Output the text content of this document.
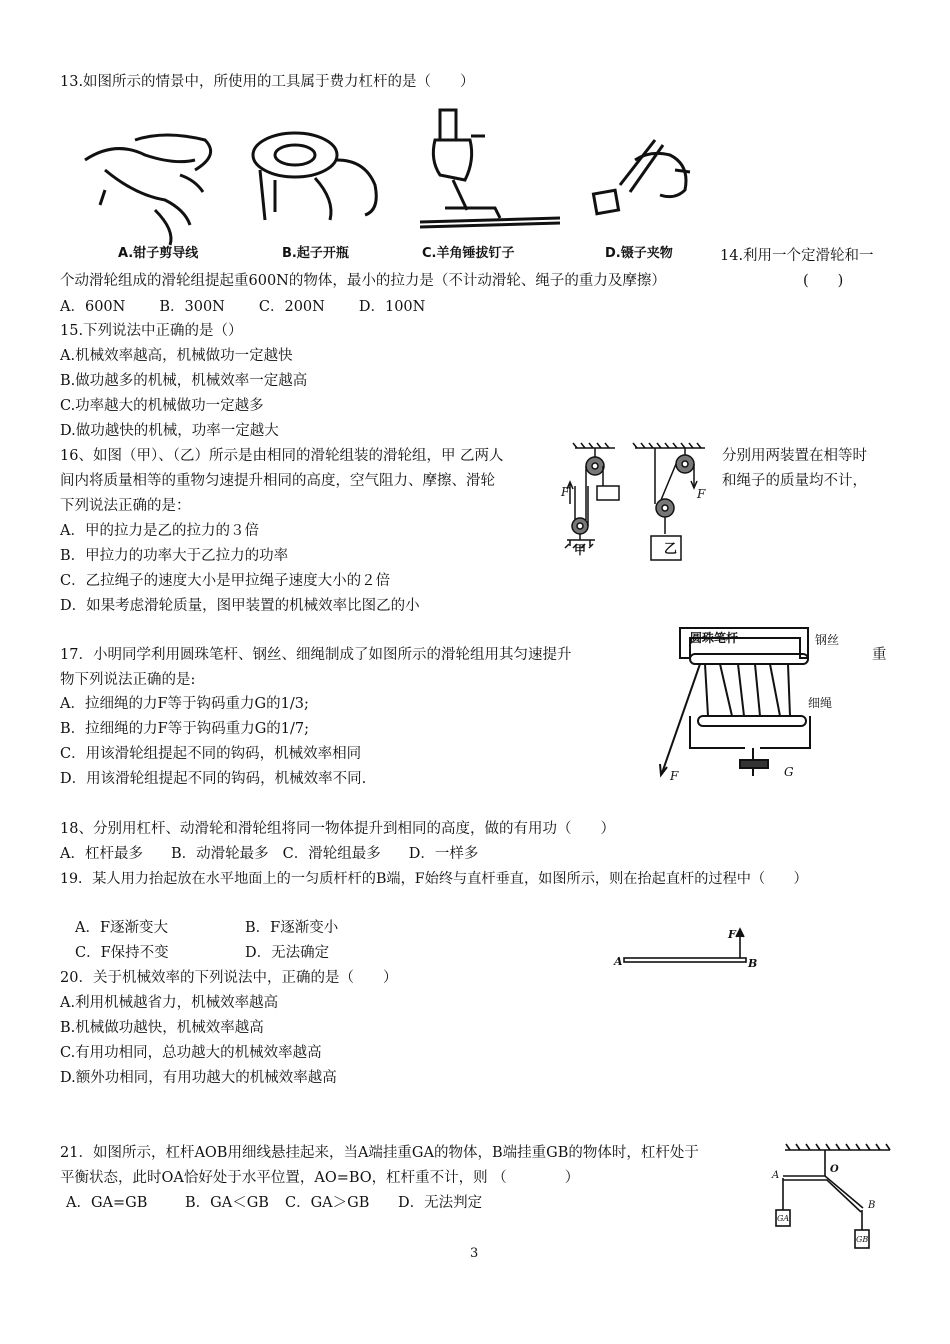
13.如图所示的情景中，所使用的工具属于费力杠杆的是（　　）
A.钳子剪导线	B.起子开瓶	C.羊角锤拔钉子	D.镊子夹物	14.利用一个定滑轮和一
个动滑轮组成的滑轮组提起重600N的物体，最小的拉力是（不计动滑轮、绳子的重力及摩擦）	(　　)
A．600N B．300N C．200N D．100N
15.下列说法中正确的是（）
A.机械效率越高，机械做功一定越快
B.做功越多的机械，机械效率一定越高
C.功率越大的机械做功一定越多
D.做功越快的机械，功率一定越大
16、如图（甲）、（乙）所示是由相同的滑轮组装的滑轮组，甲 乙两人	分别用两装置在相等时
间内将质量相等的重物匀速提升相同的高度，空气阻力、摩擦、滑轮	和绳子的质量均不计，
下列说法正确的是：
A．甲的拉力是乙的拉力的３倍
B．甲拉力的功率大于乙拉力的功率
C．乙拉绳子的速度大小是甲拉绳子速度大小的２倍
D．如果考虑滑轮质量，图甲装置的机械效率比图乙的小
F	F
甲	乙
17．小明同学利用圆珠笔杆、钢丝、细绳制成了如图所示的滑轮组用其匀速提升	重
物下列说法正确的是:
A．拉细绳的力F等于钩码重力G的1/3;
B．拉细绳的力F等于钩码重力G的1/7;
C．用该滑轮组提起不同的钩码，机械效率相同
D．用该滑轮组提起不同的钩码，机械效率不同.
圆珠笔杆	钢丝
细绳
F	G
18、分别用杠杆、动滑轮和滑轮组将同一物体提升到相同的高度，做的有用功（　　）
A．杠杆最多 B．动滑轮最多 C．滑轮组最多 D．一样多
19．某人用力抬起放在水平地面上的一匀质杆杆的B端，F始终与直杆垂直，如图所示，则在抬起直杆的过程中（　　）
A．F逐渐变大	B．F逐渐变小
C．F保持不变	D．无法确定
A	B
F
20．关于机械效率的下列说法中，正确的是（　　）
A.利用机械越省力，机械效率越高
B.机械做功越快，机械效率越高
C.有用功相同，总功越大的机械效率越高
D.额外功相同，有用功越大的机械效率越高
21．如图所示，杠杆AOB用细线悬挂起来，当A端挂重GA的物体，B端挂重GB的物体时，杠杆处于
平衡状态，此时OA恰好处于水平位置，AO=BO，杠杆重不计，则 （　　　　）
A．GA=GB	B．GA＜GB C．GA＞GB D．无法判定
A
O
B
GA
GB
3
